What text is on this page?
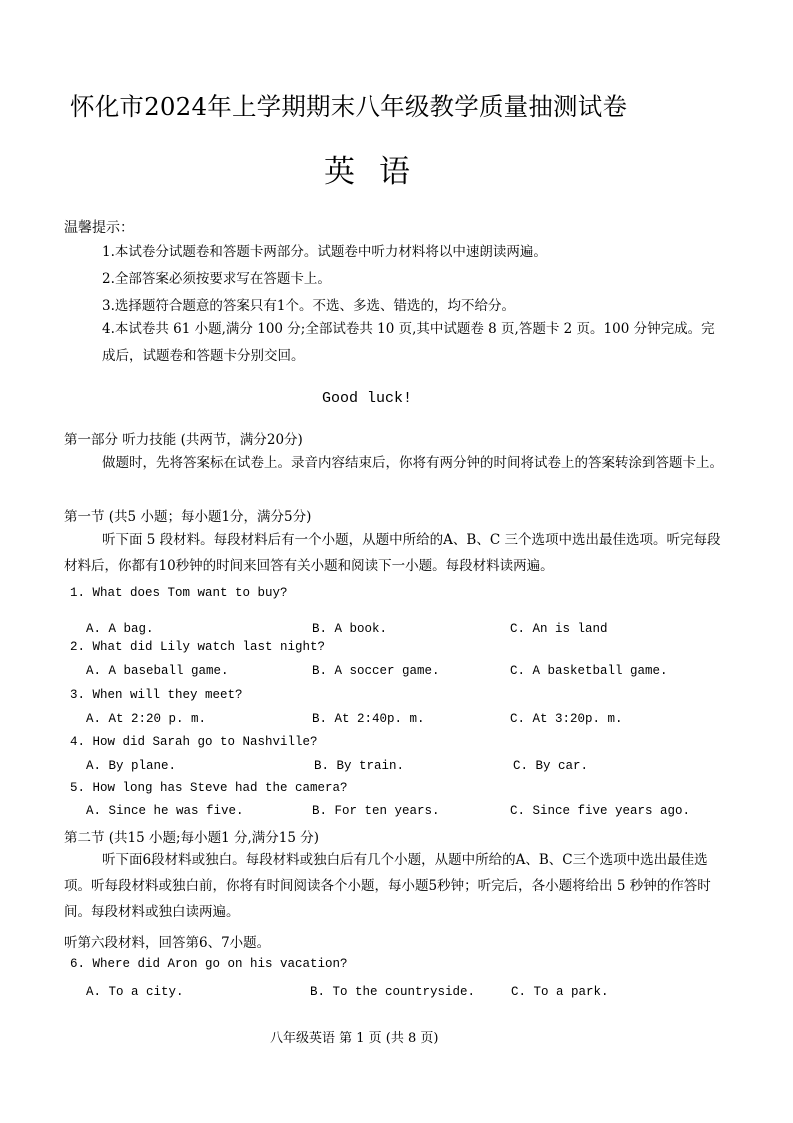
怀化市2024年上学期期末八年级教学质量抽测试卷
英语
温馨提示：
1.本试卷分试题卷和答题卡两部分。试题卷中听力材料将以中速朗读两遍。
2.全部答案必须按要求写在答题卡上。
3.选择题符合题意的答案只有1个。不选、多选、错选的，均不给分。
4.本试卷共 61 小题,满分 100 分;全部试卷共 10 页,其中试题卷 8 页,答题卡 2 页。100 分钟完成。完成后，试题卷和答题卡分别交回。
Good luck!
第一部分 听力技能 (共两节，满分20分)
做题时，先将答案标在试卷上。录音内容结束后，你将有两分钟的时间将试卷上的答案转涂到答题卡上。
第一节 (共5 小题；每小题1分，满分5分)
听下面 5 段材料。每段材料后有一个小题，从题中所给的A、B、C 三个选项中选出最佳选项。听完每段材料后，你都有10秒钟的时间来回答有关小题和阅读下一小题。每段材料读两遍。
1. What does Tom want to buy?
A. A bag.	B. A book.	C. An is land
2. What did Lily watch last night?
A. A baseball game.	B. A soccer game.	C. A basketball game.
3. When will they meet?
A. At 2:20 p. m.	B. At 2:40p. m.	C. At 3:20p. m.
4. How did Sarah go to Nashville?
A. By plane.	B. By train.	C. By car.
5. How long has Steve had the camera?
A. Since he was five.	B. For ten years.	C. Since five years ago.
第二节 (共15 小题;每小题1 分,满分15 分)
听下面6段材料或独白。每段材料或独白后有几个小题，从题中所给的A、B、C三个选项中选出最佳选项。听每段材料或独白前，你将有时间阅读各个小题，每小题5秒钟；听完后，各小题将给出 5 秒钟的作答时间。每段材料或独白读两遍。
听第六段材料，回答第6、7小题。
6. Where did Aron go on his vacation?
A. To a city.	B. To the countryside.	C. To a park.
八年级英语 第 1 页 (共 8 页)
